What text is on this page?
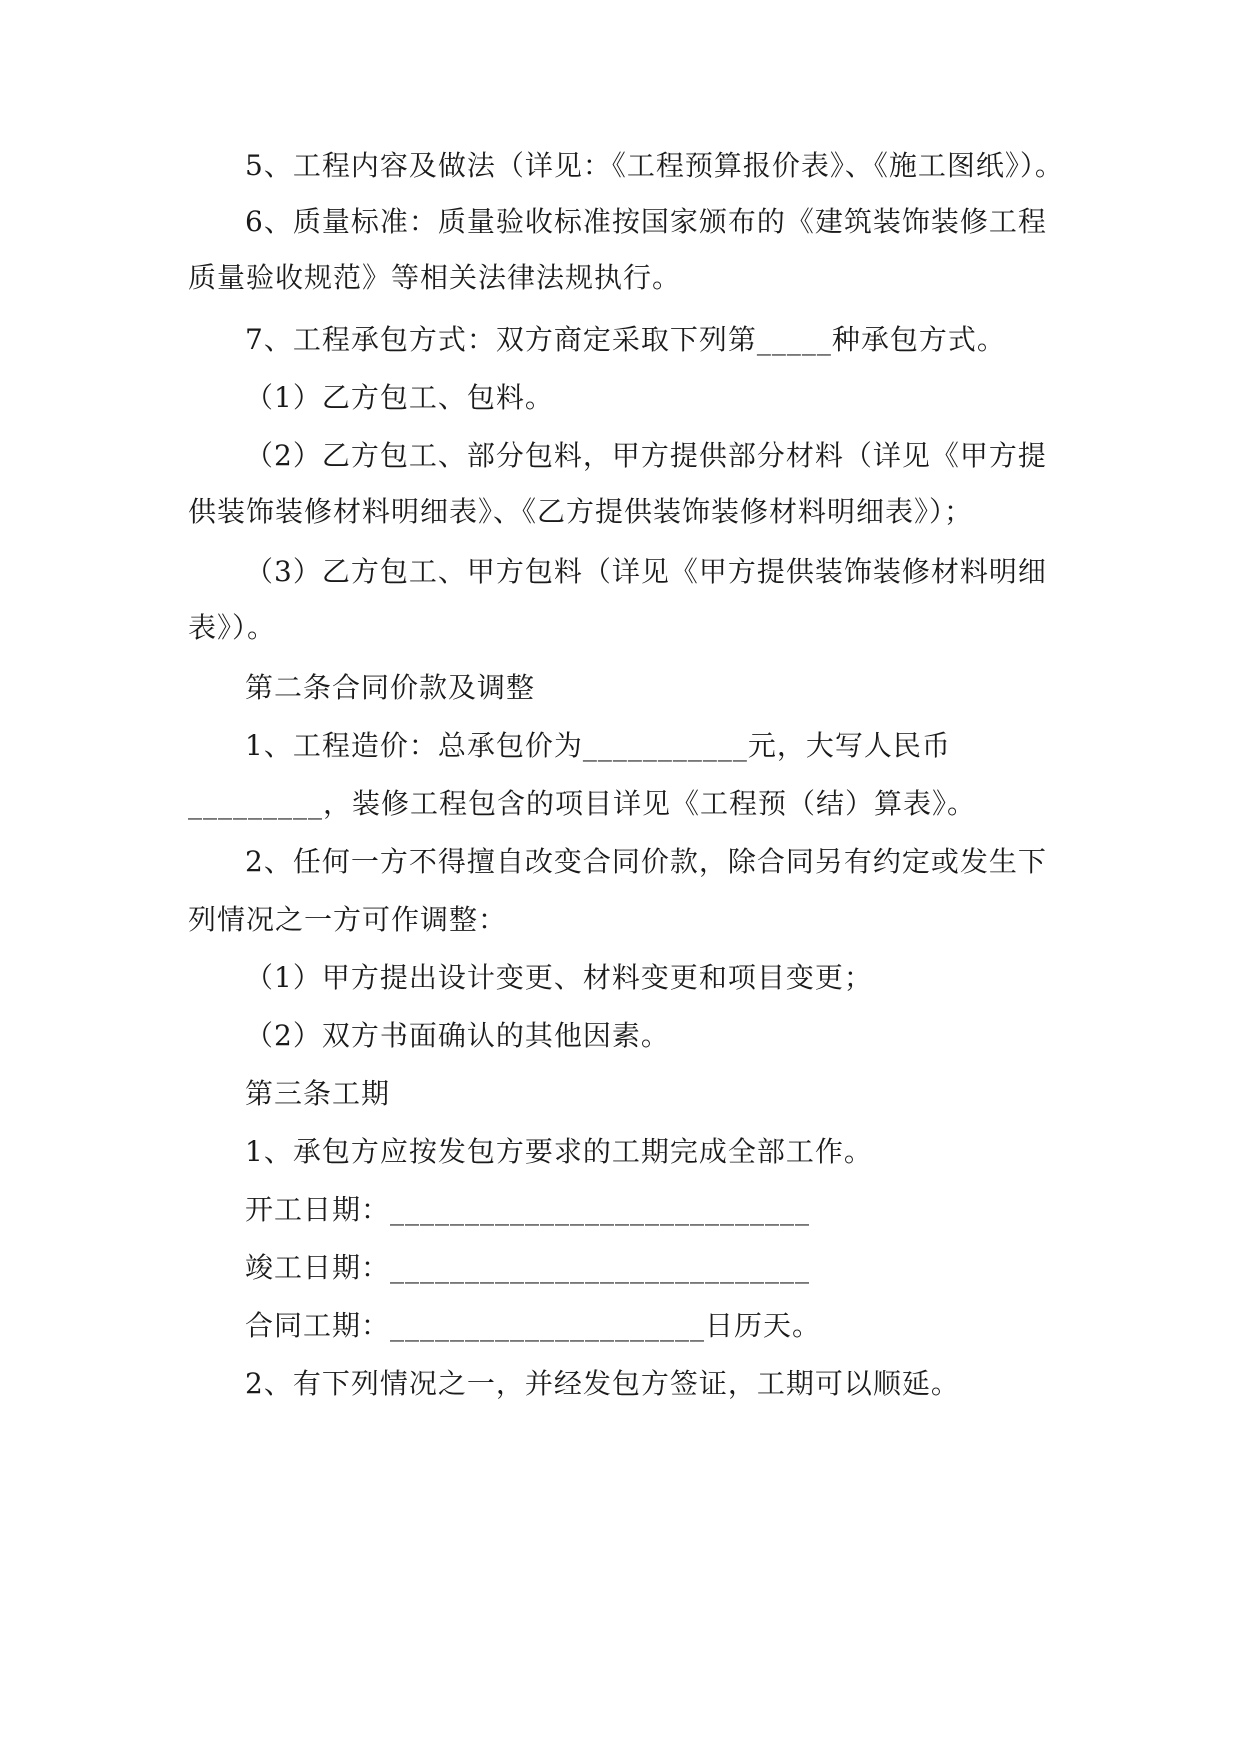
5、工程内容及做法（详见：《工程预算报价表》、《施工图纸》）。

6、质量标准：质量验收标准按国家颁布的《建筑装饰装修工程

质量验收规范》等相关法律法规执行。

7、工程承包方式：双方商定采取下列第_____种承包方式。

（1）乙方包工、包料。

（2）乙方包工、部分包料，甲方提供部分材料（详见《甲方提

供装饰装修材料明细表》、《乙方提供装饰装修材料明细表》）；

（3）乙方包工、甲方包料（详见《甲方提供装饰装修材料明细

表》）。

第二条合同价款及调整

1、工程造价：总承包价为___________元，大写人民币

_________，装修工程包含的项目详见《工程预（结）算表》。

2、任何一方不得擅自改变合同价款，除合同另有约定或发生下

列情况之一方可作调整：

（1）甲方提出设计变更、材料变更和项目变更；

（2）双方书面确认的其他因素。

第三条工期

1、承包方应按发包方要求的工期完成全部工作。

开工日期：____________________________

竣工日期：____________________________

合同工期：_____________________日历天。

2、有下列情况之一，并经发包方签证，工期可以顺延。
